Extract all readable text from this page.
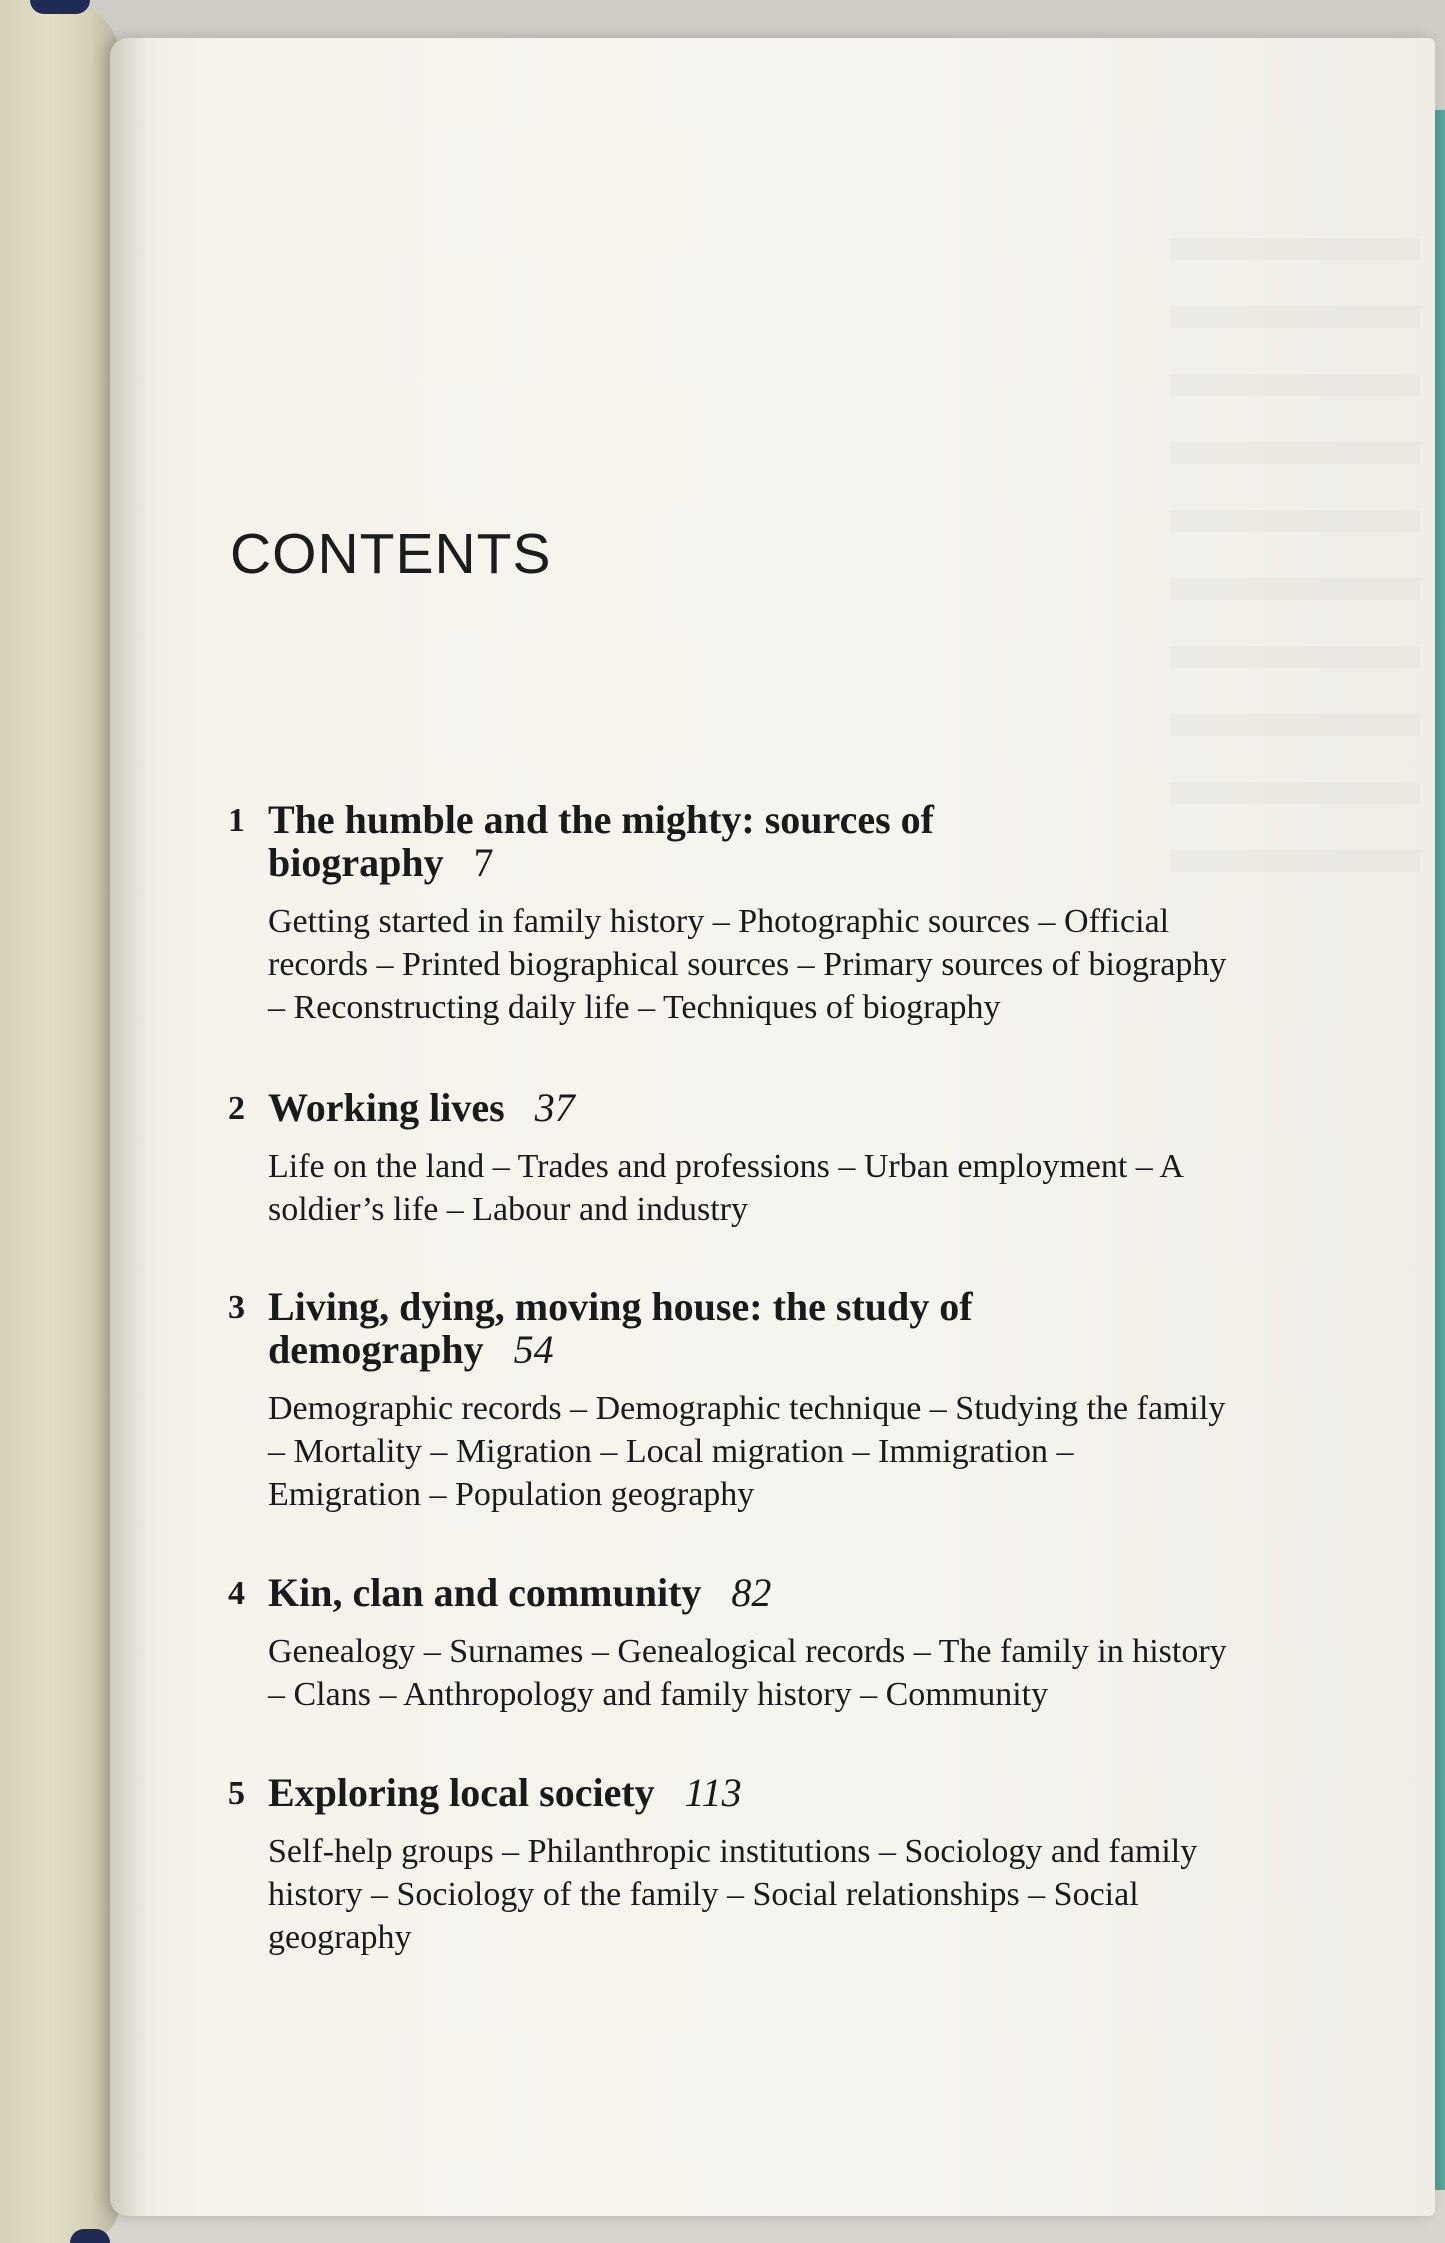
CONTENTS
1 The humble and the mighty: sources of biography 7

Getting started in family history – Photographic sources – Official records – Printed biographical sources – Primary sources of biography – Reconstructing daily life – Techniques of biography

2 Working lives 37

Life on the land – Trades and professions – Urban employment – A soldier’s life – Labour and industry

3 Living, dying, moving house: the study of demography 54

Demographic records – Demographic technique – Studying the family – Mortality – Migration – Local migration – Immigration – Emigration – Population geography

4 Kin, clan and community 82

Genealogy – Surnames – Genealogical records – The family in history – Clans – Anthropology and family history – Community

5 Exploring local society 113

Self-help groups – Philanthropic institutions – Sociology and family history – Sociology of the family – Social relationships – Social geography
